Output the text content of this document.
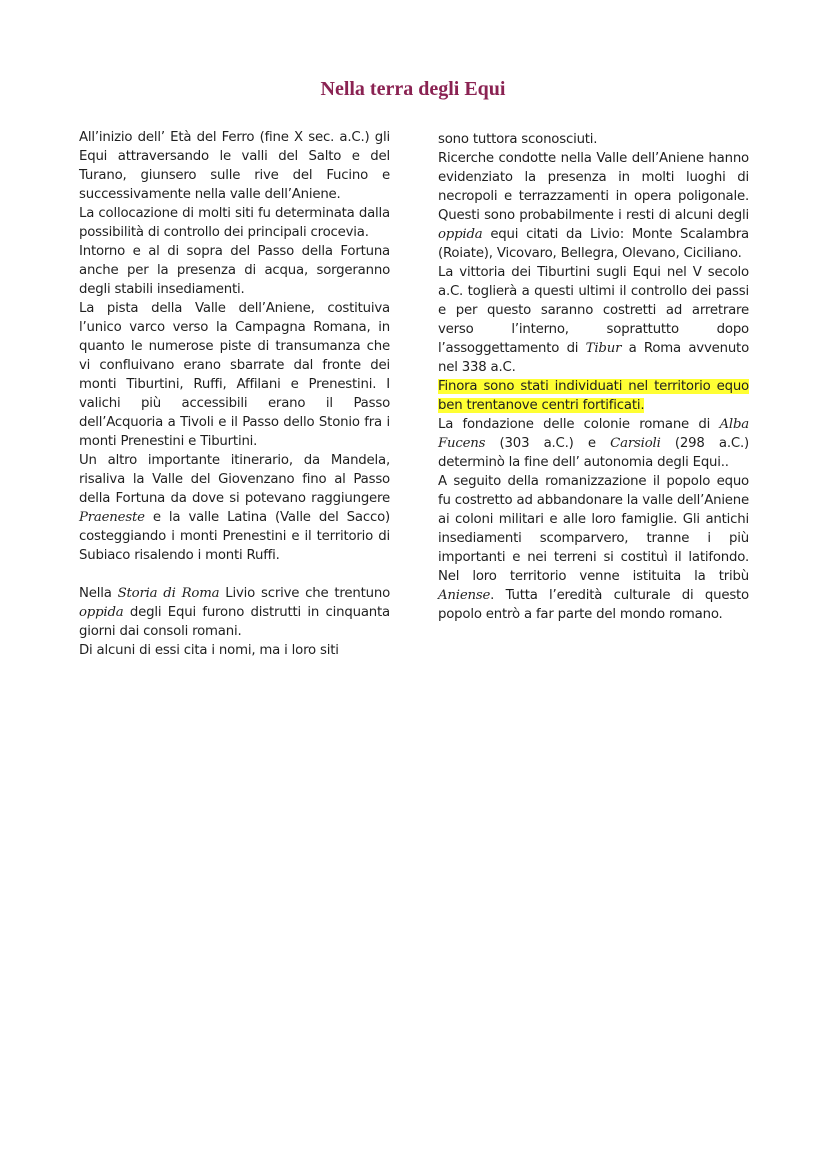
Nella terra degli Equi

All’inizio dell’ Età del Ferro (fine X sec. a.C.) gli Equi attraversando le valli del Salto e del Turano, giunsero sulle rive del Fucino e successivamente nella valle dell’Aniene.

La collocazione di molti siti fu determinata dalla possibilità di controllo dei principali crocevia.

Intorno e al di sopra del Passo della Fortuna anche per la presenza di acqua, sorgeranno degli stabili insediamenti.

La pista della Valle dell’Aniene, costituiva l’unico varco verso la Campagna Romana, in quanto le numerose piste di transumanza che vi confluivano erano sbarrate dal fronte dei monti Tiburtini, Ruffi, Affilani e Prenestini. I valichi più accessibili erano il Passo dell’Acquoria a Tivoli e il Passo dello Stonio fra i monti Prenestini e Tiburtini.

Un altro importante itinerario, da Mandela, risaliva la Valle del Giovenzano fino al Passo della Fortuna da dove si potevano raggiungere Praeneste e la valle Latina (Valle del Sacco) costeggiando i monti Prenestini e il territorio di Subiaco risalendo i monti Ruffi.

Nella Storia di Roma Livio scrive che trentuno oppida degli Equi furono distrutti in cinquanta giorni dai consoli romani.

Di alcuni di essi cita i nomi, ma i loro siti

sono tuttora sconosciuti.

Ricerche condotte nella Valle dell’Aniene hanno evidenziato la presenza in molti luoghi di necropoli e terrazzamenti in opera poligonale. Questi sono probabilmente i resti di alcuni degli oppida equi citati da Livio: Monte Scalambra (Roiate), Vicovaro, Bellegra, Olevano, Ciciliano.

La vittoria dei Tiburtini sugli Equi nel V secolo a.C. toglierà a questi ultimi il controllo dei passi e per questo saranno costretti ad arretrare verso l’interno, soprattutto dopo l’assoggettamento di Tibur a Roma avvenuto nel 338 a.C.

Finora sono stati individuati nel territorio equo ben trentanove centri fortificati.

La fondazione delle colonie romane di Alba Fucens (303 a.C.) e Carsioli (298 a.C.) determinò la fine dell’ autonomia degli Equi..

A seguito della romanizzazione il popolo equo fu costretto ad abbandonare la valle dell’Aniene ai coloni militari e alle loro famiglie. Gli antichi insediamenti scomparvero, tranne i più importanti e nei terreni si costituì il latifondo. Nel loro territorio venne istituita la tribù Aniense. Tutta l’eredità culturale di questo popolo entrò a far parte del mondo romano.
